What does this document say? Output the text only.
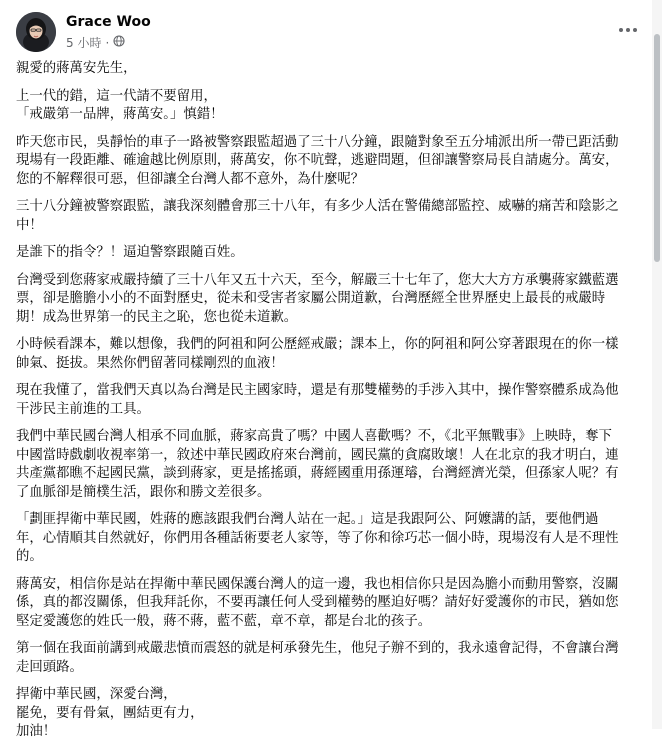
Grace Woo
5 小時 ·

親愛的蔣萬安先生，

上一代的錯，這一代請不要留用，
「戒嚴第一品牌，蔣萬安。」慎錯！

昨天您市民，吳靜怡的車子一路被警察跟監超過了三十八分鐘，跟隨對象至五分埔派出所一帶已距活動
現場有一段距離、確逾越比例原則，蔣萬安，你不吭聲，逃避問題，但卻讓警察局長自請處分。萬安，
您的不解釋很可惡，但卻讓全台灣人都不意外，為什麼呢？

三十八分鐘被警察跟監，讓我深刻體會那三十八年，有多少人活在警備總部監控、威嚇的痛苦和陰影之
中！

是誰下的指令？！逼迫警察跟隨百姓。

台灣受到您蔣家戒嚴持續了三十八年又五十六天，至今，解嚴三十七年了，您大大方方承襲蔣家鐵藍選
票，卻是膽膽小小的不面對歷史，從未和受害者家屬公開道歉，台灣歷經全世界歷史上最長的戒嚴時
期！成為世界第一的民主之恥，您也從未道歉。

小時候看課本，難以想像，我們的阿祖和阿公歷經戒嚴；課本上，你的阿祖和阿公穿著跟現在的你一樣
帥氣、挺拔。果然你們留著同樣剛烈的血液！

現在我懂了，當我們天真以為台灣是民主國家時，還是有那雙權勢的手涉入其中，操作警察體系成為他
干涉民主前進的工具。

我們中華民國台灣人相承不同血脈，蔣家高貴了嗎？中國人喜歡嗎？不，《北平無戰事》上映時，奪下
中國當時戲劇收視率第一，敘述中華民國政府來台灣前，國民黨的貪腐敗壞！人在北京的我才明白，連
共產黨都瞧不起國民黨，談到蔣家，更是搖搖頭，蔣經國重用孫運璿，台灣經濟光榮，但孫家人呢？有
了血脈卻是簡樸生活，跟你和勝文差很多。

「劃匪捍衛中華民國，姓蔣的應該跟我們台灣人站在一起。」這是我跟阿公、阿嬤講的話，要他們過
年，心情順其自然就好，你們用各種話術要老人家等，等了你和徐巧芯一個小時，現場沒有人是不理性
的。

蔣萬安，相信你是站在捍衛中華民國保護台灣人的這一邊，我也相信你只是因為膽小而動用警察，沒關
係，真的都沒關係，但我拜託你，不要再讓任何人受到權勢的壓迫好嗎？請好好愛護你的市民，猶如您
堅定愛護您的姓氏一般，蔣不蔣，藍不藍，章不章，都是台北的孩子。

第一個在我面前講到戒嚴悲憤而震怒的就是柯承發先生，他兒子辦不到的，我永遠會記得，不會讓台灣
走回頭路。

捍衛中華民國，深愛台灣，
罷免，要有骨氣，團結更有力，
加油！
